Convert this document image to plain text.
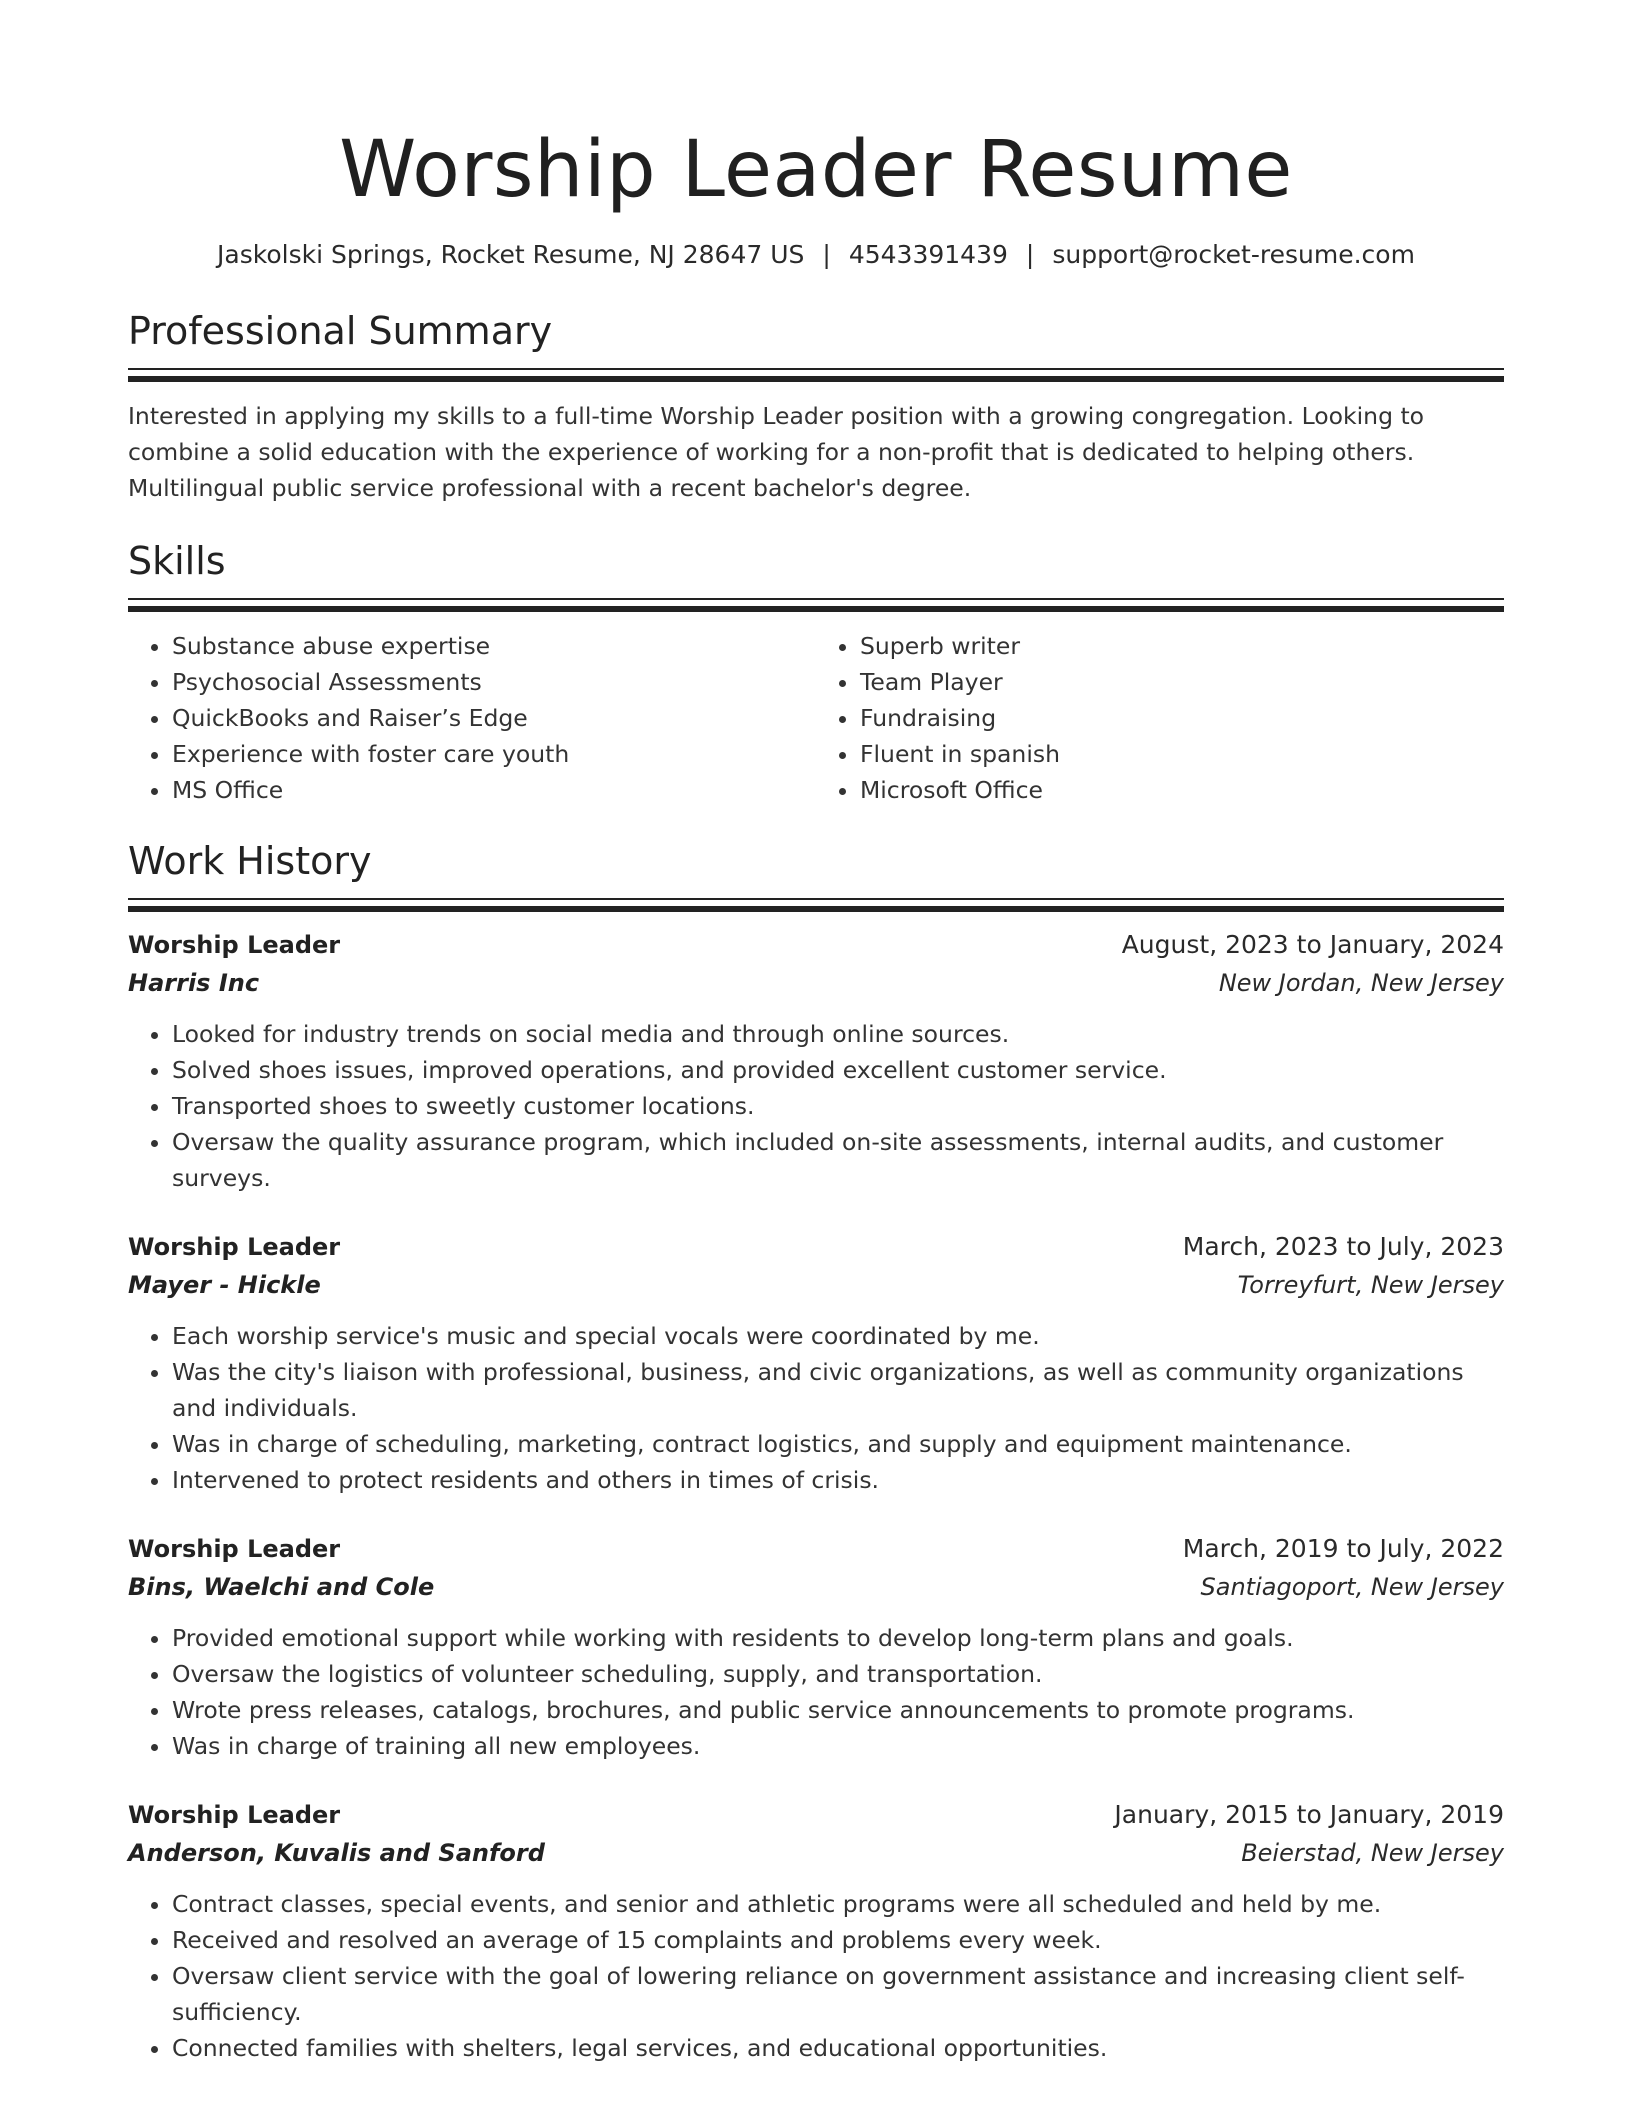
Worship Leader Resume
Jaskolski Springs, Rocket Resume, NJ 28647 US | 4543391439 | support@rocket-resume.com
Professional Summary

Interested in applying my skills to a full-time Worship Leader position with a growing congregation. Looking to combine a solid education with the experience of working for a non-profit that is dedicated to helping others. Multilingual public service professional with a recent bachelor's degree.

Skills
• Substance abuse expertise
• Psychosocial Assessments
• QuickBooks and Raiser’s Edge
• Experience with foster care youth
• MS Office
• Superb writer
• Team Player
• Fundraising
• Fluent in spanish
• Microsoft Office
Work History
Worship Leader	August, 2023 to January, 2024
Harris Inc	New Jordan, New Jersey
• Looked for industry trends on social media and through online sources.
• Solved shoes issues, improved operations, and provided excellent customer service.
• Transported shoes to sweetly customer locations.
• Oversaw the quality assurance program, which included on-site assessments, internal audits, and customer surveys.
Worship Leader	March, 2023 to July, 2023
Mayer - Hickle	Torreyfurt, New Jersey
• Each worship service's music and special vocals were coordinated by me.
• Was the city's liaison with professional, business, and civic organizations, as well as community organizations and individuals.
• Was in charge of scheduling, marketing, contract logistics, and supply and equipment maintenance.
• Intervened to protect residents and others in times of crisis.
Worship Leader	March, 2019 to July, 2022
Bins, Waelchi and Cole	Santiagoport, New Jersey
• Provided emotional support while working with residents to develop long-term plans and goals.
• Oversaw the logistics of volunteer scheduling, supply, and transportation.
• Wrote press releases, catalogs, brochures, and public service announcements to promote programs.
• Was in charge of training all new employees.
Worship Leader	January, 2015 to January, 2019
Anderson, Kuvalis and Sanford	Beierstad, New Jersey
• Contract classes, special events, and senior and athletic programs were all scheduled and held by me.
• Received and resolved an average of 15 complaints and problems every week.
• Oversaw client service with the goal of lowering reliance on government assistance and increasing client self-sufficiency.
• Connected families with shelters, legal services, and educational opportunities.
